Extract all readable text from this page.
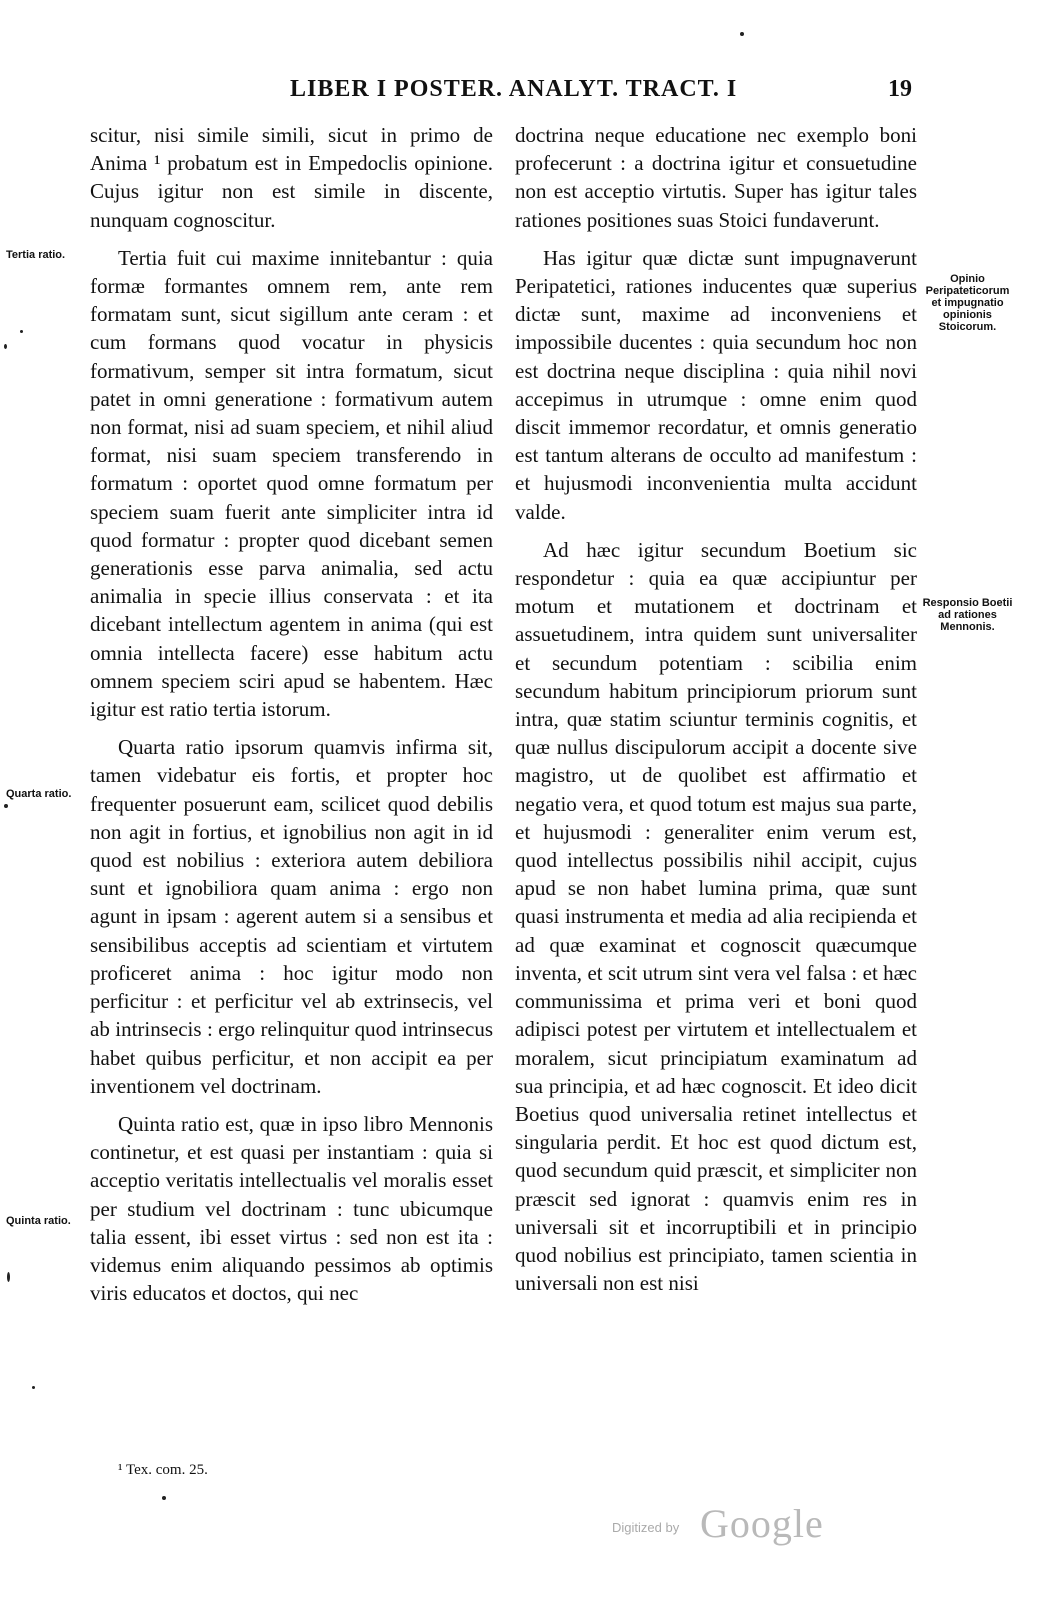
LIBER I POSTER. ANALYT. TRACT. I	19

scitur, nisi simile simili, sicut in primo de Anima ¹ probatum est in Empedoclis opinione. Cujus igitur non est simile in discente, nunquam cognoscitur.

Tertia fuit cui maxime innitebantur : quia formæ formantes omnem rem, ante rem formatam sunt, sicut sigillum ante ceram : et cum formans quod vocatur in physicis formativum, semper sit intra formatum, sicut patet in omni generatione : formativum autem non format, nisi ad suam speciem, et nihil aliud format, nisi suam speciem transferendo in formatum : oportet quod omne formatum per speciem suam fuerit ante simpliciter intra id quod formatur : propter quod dicebant semen generationis esse parva animalia, sed actu animalia in specie illius conservata : et ita dicebant intellectum agentem in anima (qui est omnia intellecta facere) esse habitum actu omnem speciem sciri apud se habentem. Hæc igitur est ratio tertia istorum.

Quarta ratio ipsorum quamvis infirma sit, tamen videbatur eis fortis, et propter hoc frequenter posuerunt eam, scilicet quod debilis non agit in fortius, et ignobilius non agit in id quod est nobilius : exteriora autem debiliora sunt et ignobiliora quam anima : ergo non agunt in ipsam : agerent autem si a sensibus et sensibilibus acceptis ad scientiam et virtutem proficeret anima : hoc igitur modo non perficitur : et perficitur vel ab extrinsecis, vel ab intrinsecis : ergo relinquitur quod intrinsecus habet quibus perficitur, et non accipit ea per inventionem vel doctrinam.

Quinta ratio est, quæ in ipso libro Mennonis continetur, et est quasi per instantiam : quia si acceptio veritatis intellectualis vel moralis esset per studium vel doctrinam : tunc ubicumque talia essent, ibi esset virtus : sed non est ita : videmus enim aliquando pessimos ab optimis viris educatos et doctos, qui nec

doctrina neque educatione nec exemplo boni profecerunt : a doctrina igitur et consuetudine non est acceptio virtutis. Super has igitur tales rationes positiones suas Stoici fundaverunt.

Has igitur quæ dictæ sunt impugnaverunt Peripatetici, rationes inducentes quæ superius dictæ sunt, maxime ad inconveniens et impossibile ducentes : quia secundum hoc non est doctrina neque disciplina : quia nihil novi accepimus in utrumque : omne enim quod discit immemor recordatur, et omnis generatio est tantum alterans de occulto ad manifestum : et hujusmodi inconvenientia multa accidunt valde.

Ad hæc igitur secundum Boetium sic respondetur : quia ea quæ accipiuntur per motum et mutationem et doctrinam et assuetudinem, intra quidem sunt universaliter et secundum potentiam : scibilia enim secundum habitum principiorum priorum sunt intra, quæ statim sciuntur terminis cognitis, et quæ nullus discipulorum accipit a docente sive magistro, ut de quolibet est affirmatio et negatio vera, et quod totum est majus sua parte, et hujusmodi : generaliter enim verum est, quod intellectus possibilis nihil accipit, cujus apud se non habet lumina prima, quæ sunt quasi instrumenta et media ad alia recipienda et ad quæ examinat et cognoscit quæcumque inventa, et scit utrum sint vera vel falsa : et hæc communissima et prima veri et boni quod adipisci potest per virtutem et intellectualem et moralem, sicut principiatum examinatum ad sua principia, et ad hæc cognoscit. Et ideo dicit Boetius quod universalia retinet intellectus et singularia perdit. Et hoc est quod dictum est, quod secundum quid præscit, et simpliciter non præscit sed ignorat : quamvis enim res in universali sit et incorruptibili et in principio quod nobilius est principiato, tamen scientia in universali non est nisi

Tertia ratio.
Quarta ratio.
Quinta ratio.
Opinio Peripateticorum et impugnatio opinionis Stoicorum.
Responsio Boetii ad rationes Mennonis.
¹ Tex. com. 25.
Digitized by Google
